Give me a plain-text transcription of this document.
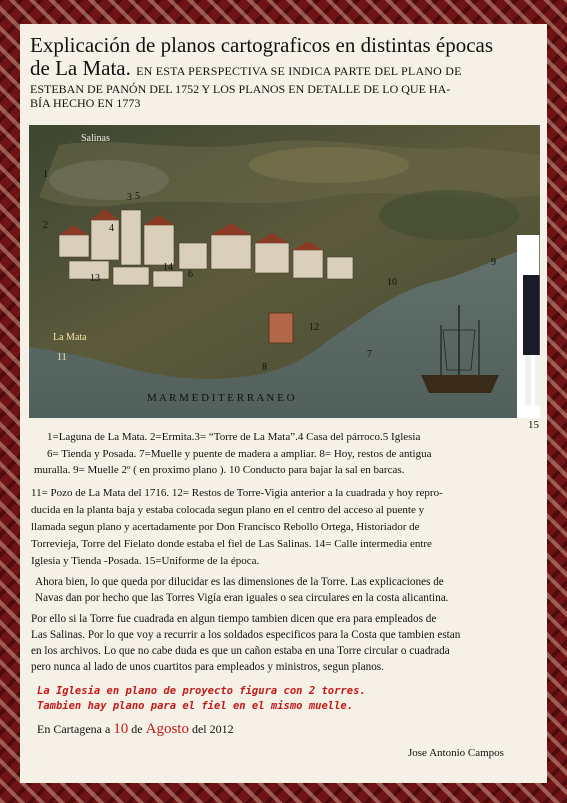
Explicación de planos cartograficos en distintas épocas
de La Mata. EN ESTA PERSPECTIVA SE INDICA PARTE DEL PLANO DE
ESTEBAN DE PANÓN DEL 1752 Y LOS PLANOS EN DETALLE DE LO QUE HA-
BÍA HECHO EN 1773
Salinas
La Mata
M A R M E D I T E R R A N E O
1
2
3
4
5
6
7
8
9
10
11
12
13
14
15
1=Laguna de La Mata. 2=Ermita.3= “Torre de La Mata”.4 Casa del párroco.5 Iglesia
6= Tienda y Posada. 7=Muelle y puente de madera a ampliar. 8= Hoy, restos de antigua
muralla. 9= Muelle 2º ( en proximo plano ). 10 Conducto para bajar la sal en barcas.
11= Pozo de La Mata del 1716. 12= Restos de Torre-Vigia anterior a la cuadrada y hoy repro-
ducida en la planta baja y estaba colocada segun plano en el centro del acceso al puente y
llamada segun plano y acertadamente por Don Francisco Rebollo Ortega, Historiador de
Torrevieja, Torre del Fielato donde estaba el fiel de Las Salinas. 14= Calle intermedia entre
Iglesia y Tienda -Posada. 15=Uniforme de la época.
Ahora bien, lo que queda por dilucidar es las dimensiones de la Torre. Las explicaciones de
Navas dan por hecho que las Torres Vigía eran iguales o sea circulares en la costa alicantina.
Por ello si la Torre fue cuadrada en algun tiempo tambien dicen que era para empleados de
Las Salinas. Por lo que voy a recurrir a los soldados especificos para la Costa que tambien estan
en los archivos. Lo que no cabe duda es que un cañon estaba en una Torre circular o cuadrada
pero nunca al lado de unos cuartitos para empleados y ministros, segun planos.
La Iglesia en plano de proyecto figura con 2 torres.
Tambien hay plano para el fiel en el mismo muelle.
En Cartagena a 10 de Agosto del 2012
Jose Antonio Campos
